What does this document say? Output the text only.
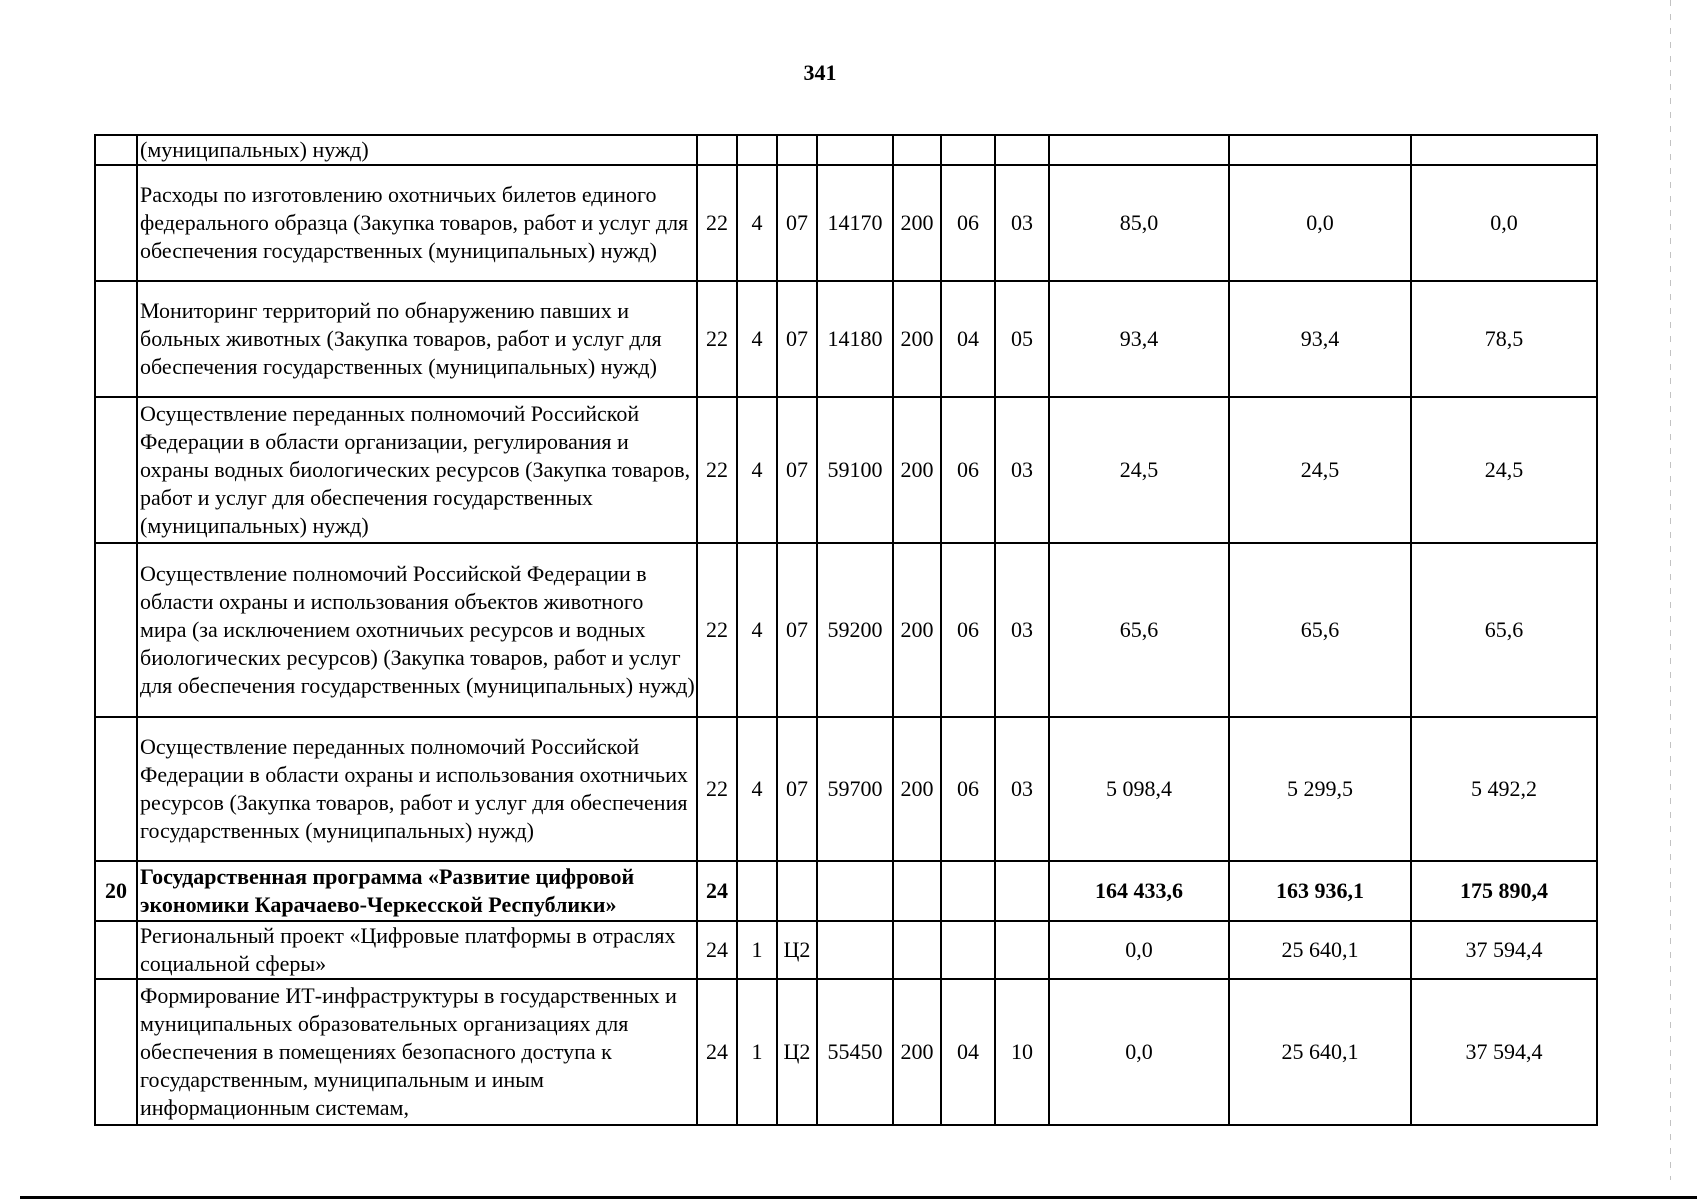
341
	(муниципальных) нужд)										
	Расходы по изготовлению охотничьих билетов единого федерального образца (Закупка товаров, работ и услуг для обеспечения государственных (муниципальных) нужд)	22	4	07	14170	200	06	03	85,0	0,0	0,0
	Мониторинг территорий по обнаружению павших и больных животных (Закупка товаров, работ и услуг для обеспечения государственных (муниципальных) нужд)	22	4	07	14180	200	04	05	93,4	93,4	78,5
	Осуществление переданных полномочий Российской Федерации в области организации, регулирования и охраны водных биологических ресурсов (Закупка товаров, работ и услуг для обеспечения государственных (муниципальных) нужд)	22	4	07	59100	200	06	03	24,5	24,5	24,5
	Осуществление полномочий Российской Федерации в области охраны и использования объектов животного мира (за исключением охотничьих ресурсов и водных биологических ресурсов) (Закупка товаров, работ и услуг для обеспечения государственных (муниципальных) нужд)	22	4	07	59200	200	06	03	65,6	65,6	65,6
	Осуществление переданных полномочий Российской Федерации в области охраны и использования охотничьих ресурсов (Закупка товаров, работ и услуг для обеспечения государственных (муниципальных) нужд)	22	4	07	59700	200	06	03	5 098,4	5 299,5	5 492,2
20	Государственная программа «Развитие цифровой экономики Карачаево-Черкесской Республики»	24							164 433,6	163 936,1	175 890,4
	Региональный проект «Цифровые платформы в отраслях социальной сферы»	24	1	Ц2					0,0	25 640,1	37 594,4
	Формирование ИТ-инфраструктуры в государственных и муниципальных образовательных организациях для обеспечения в помещениях безопасного доступа к государственным, муниципальным и иным информационным системам,	24	1	Ц2	55450	200	04	10	0,0	25 640,1	37 594,4
